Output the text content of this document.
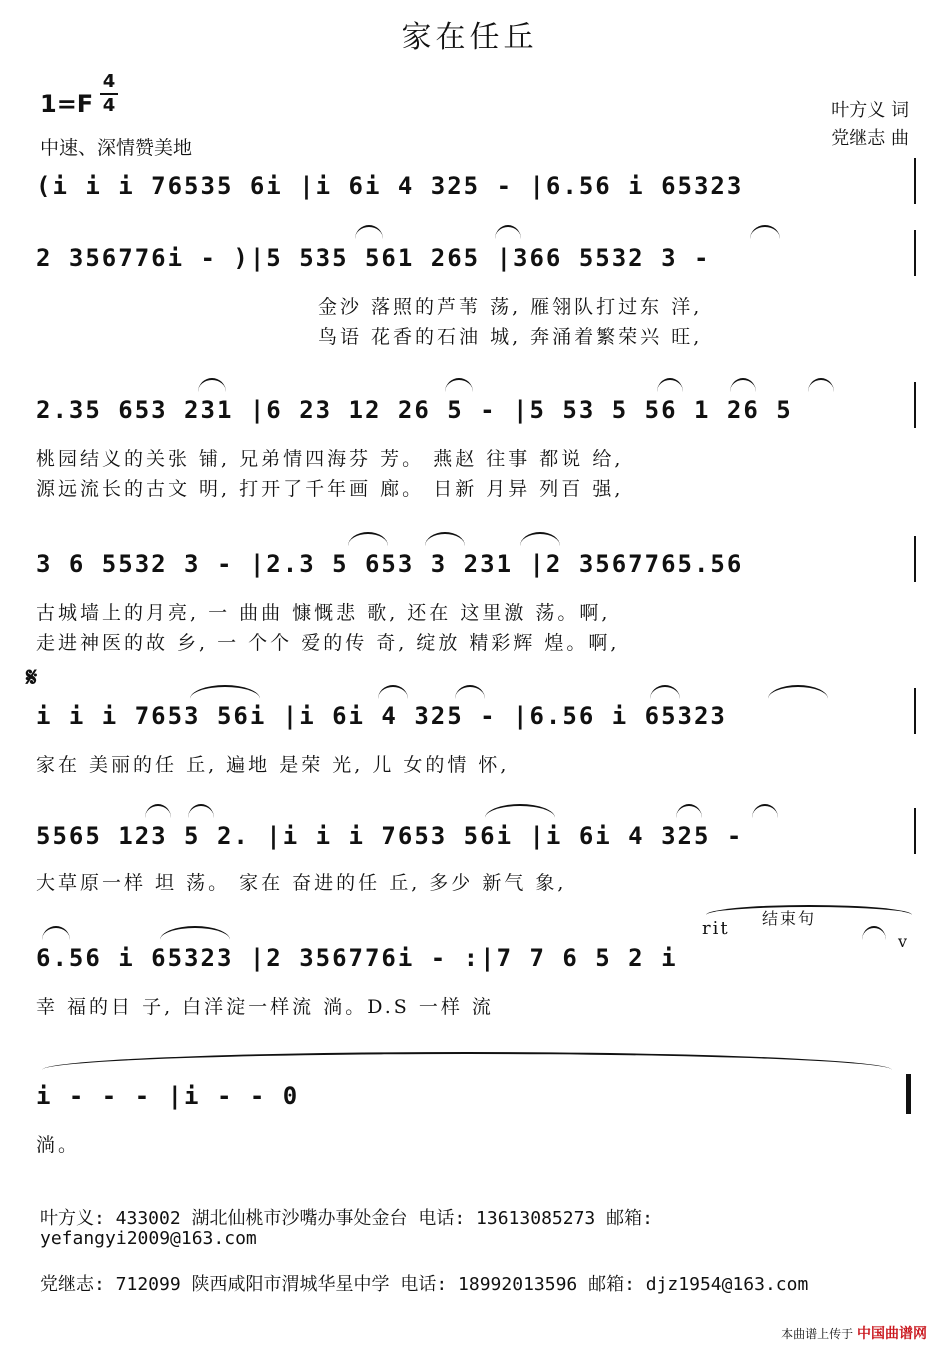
家在任丘
1=F
4
4
中速、深情赞美地
叶方义 词
党继志 曲
(i i i 76535 6i |i 6i 4 325 - |6.56 i 65323
2 356776i - )|5 535 561 265 |366 5532 3 -
金沙 落照的芦苇 荡, 雁翎队打过东 洋,
鸟语 花香的石油 城, 奔涌着繁荣兴 旺,
2.35 653 231 |6 23 12 26 5 - |5 53 5 56 1 26 5
桃园结义的关张 铺, 兄弟情四海芬 芳。 燕赵 往事 都说 给,
源远流长的古文 明, 打开了千年画 廊。 日新 月异 列百 强,
3 6 5532 3 - |2.3 5 653 3 231 |2 3567765.56
古城墙上的月亮, 一 曲曲 慷慨悲 歌, 还在 这里激 荡。啊,
走进神医的故 乡, 一 个个 爱的传 奇, 绽放 精彩辉 煌。啊,
𝄋
i i i 7653 56i |i 6i 4 325 - |6.56 i 65323
家在 美丽的任 丘, 遍地 是荣 光, 儿 女的情 怀,
5565 123 5 2. |i i i 7653 56i |i 6i 4 325 -
大草原一样 坦 荡。 家在 奋进的任 丘, 多少 新气 象,
rit 结束句
v
6.56 i 65323 |2 356776i - :|7 7 6 5 2 i
幸 福的日 子, 白洋淀一样流 淌。D.S 一样 流
i - - - |i - - 0
淌。
叶方义: 433002 湖北仙桃市沙嘴办事处金台 电话: 13613085273 邮箱:
yefangyi2009@163.com
党继志: 712099 陕西咸阳市渭城华星中学 电话: 18992013596 邮箱: djz1954@163.com
本曲谱上传于 中国曲谱网
